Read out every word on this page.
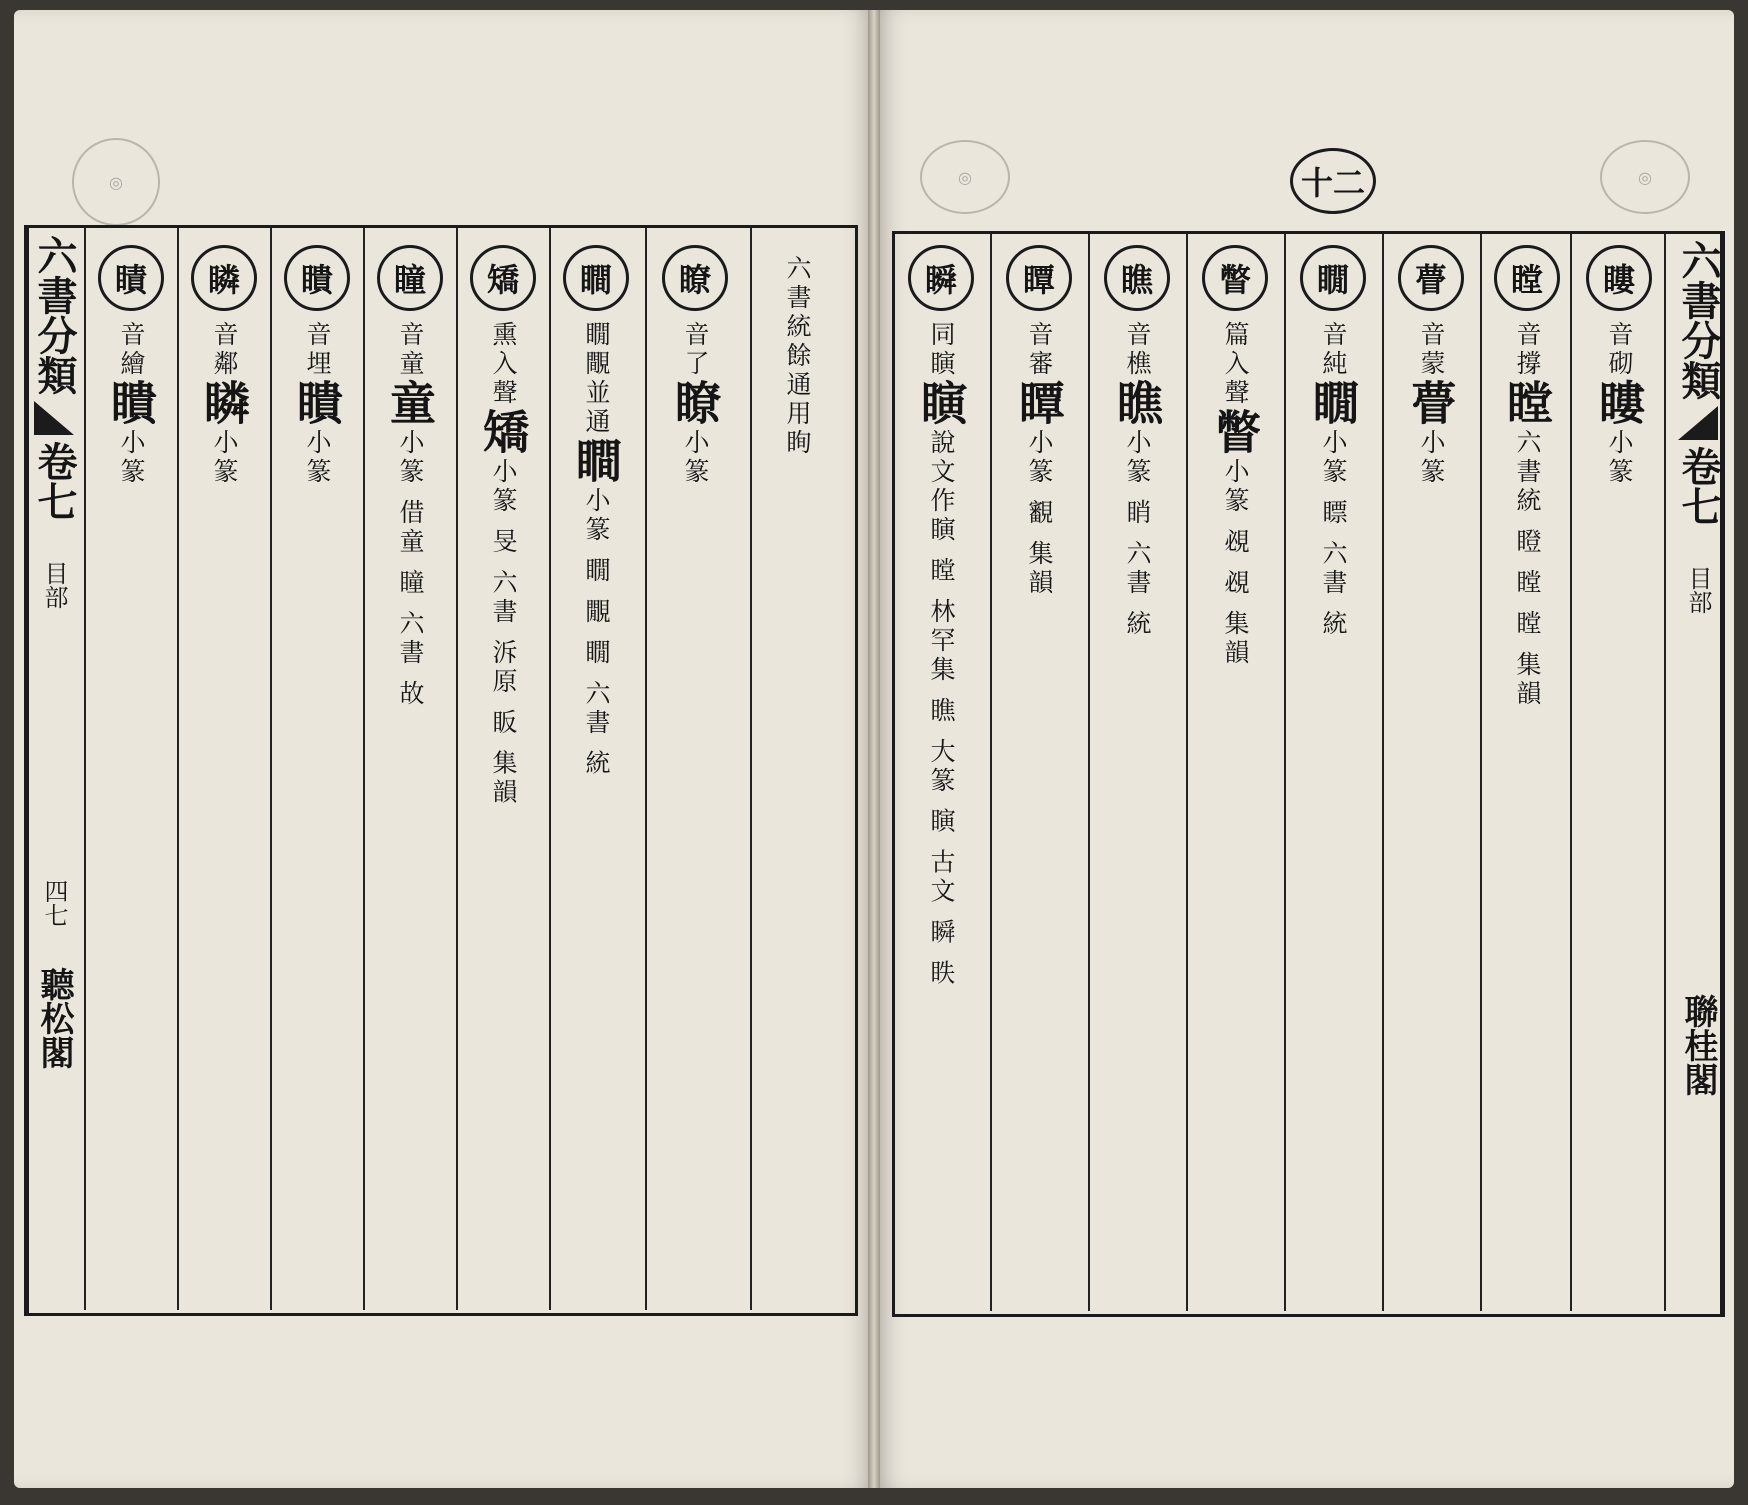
◎	◎	◎
十二
六書分類
卷七
目部
四七
聽松閣
六書分類
卷七
目部
聯桂閣
瞔
音繪瞶小篆
瞵
音鄰瞵小篆
瞶
音埋瞶小篆
瞳
音童童小篆 借童 瞳 六書 故
矯
熏入聲矯小篆 旻 六書 泝原 眅 集韻
瞷
瞯覸並通瞷小篆 瞯 覵 瞯 六書 統
瞭
音了瞭小篆
六書統餘通用眴
瞜
音砌瞜小篆
瞠
音撐瞠六書統 瞪 瞠 瞠 集韻
瞢
音蒙瞢小篆
瞯
音純瞯小篆 瞟 六書 統
瞥
篇入聲瞥小篆 覕 覕 集韻
瞧
音樵瞧小篆 睄 六書 統
瞫
音審瞫小篆 覾 集韻
瞬
同瞚瞚說文作瞚 瞠 林罕集 瞧 大篆 瞚 古文 瞬 眣
